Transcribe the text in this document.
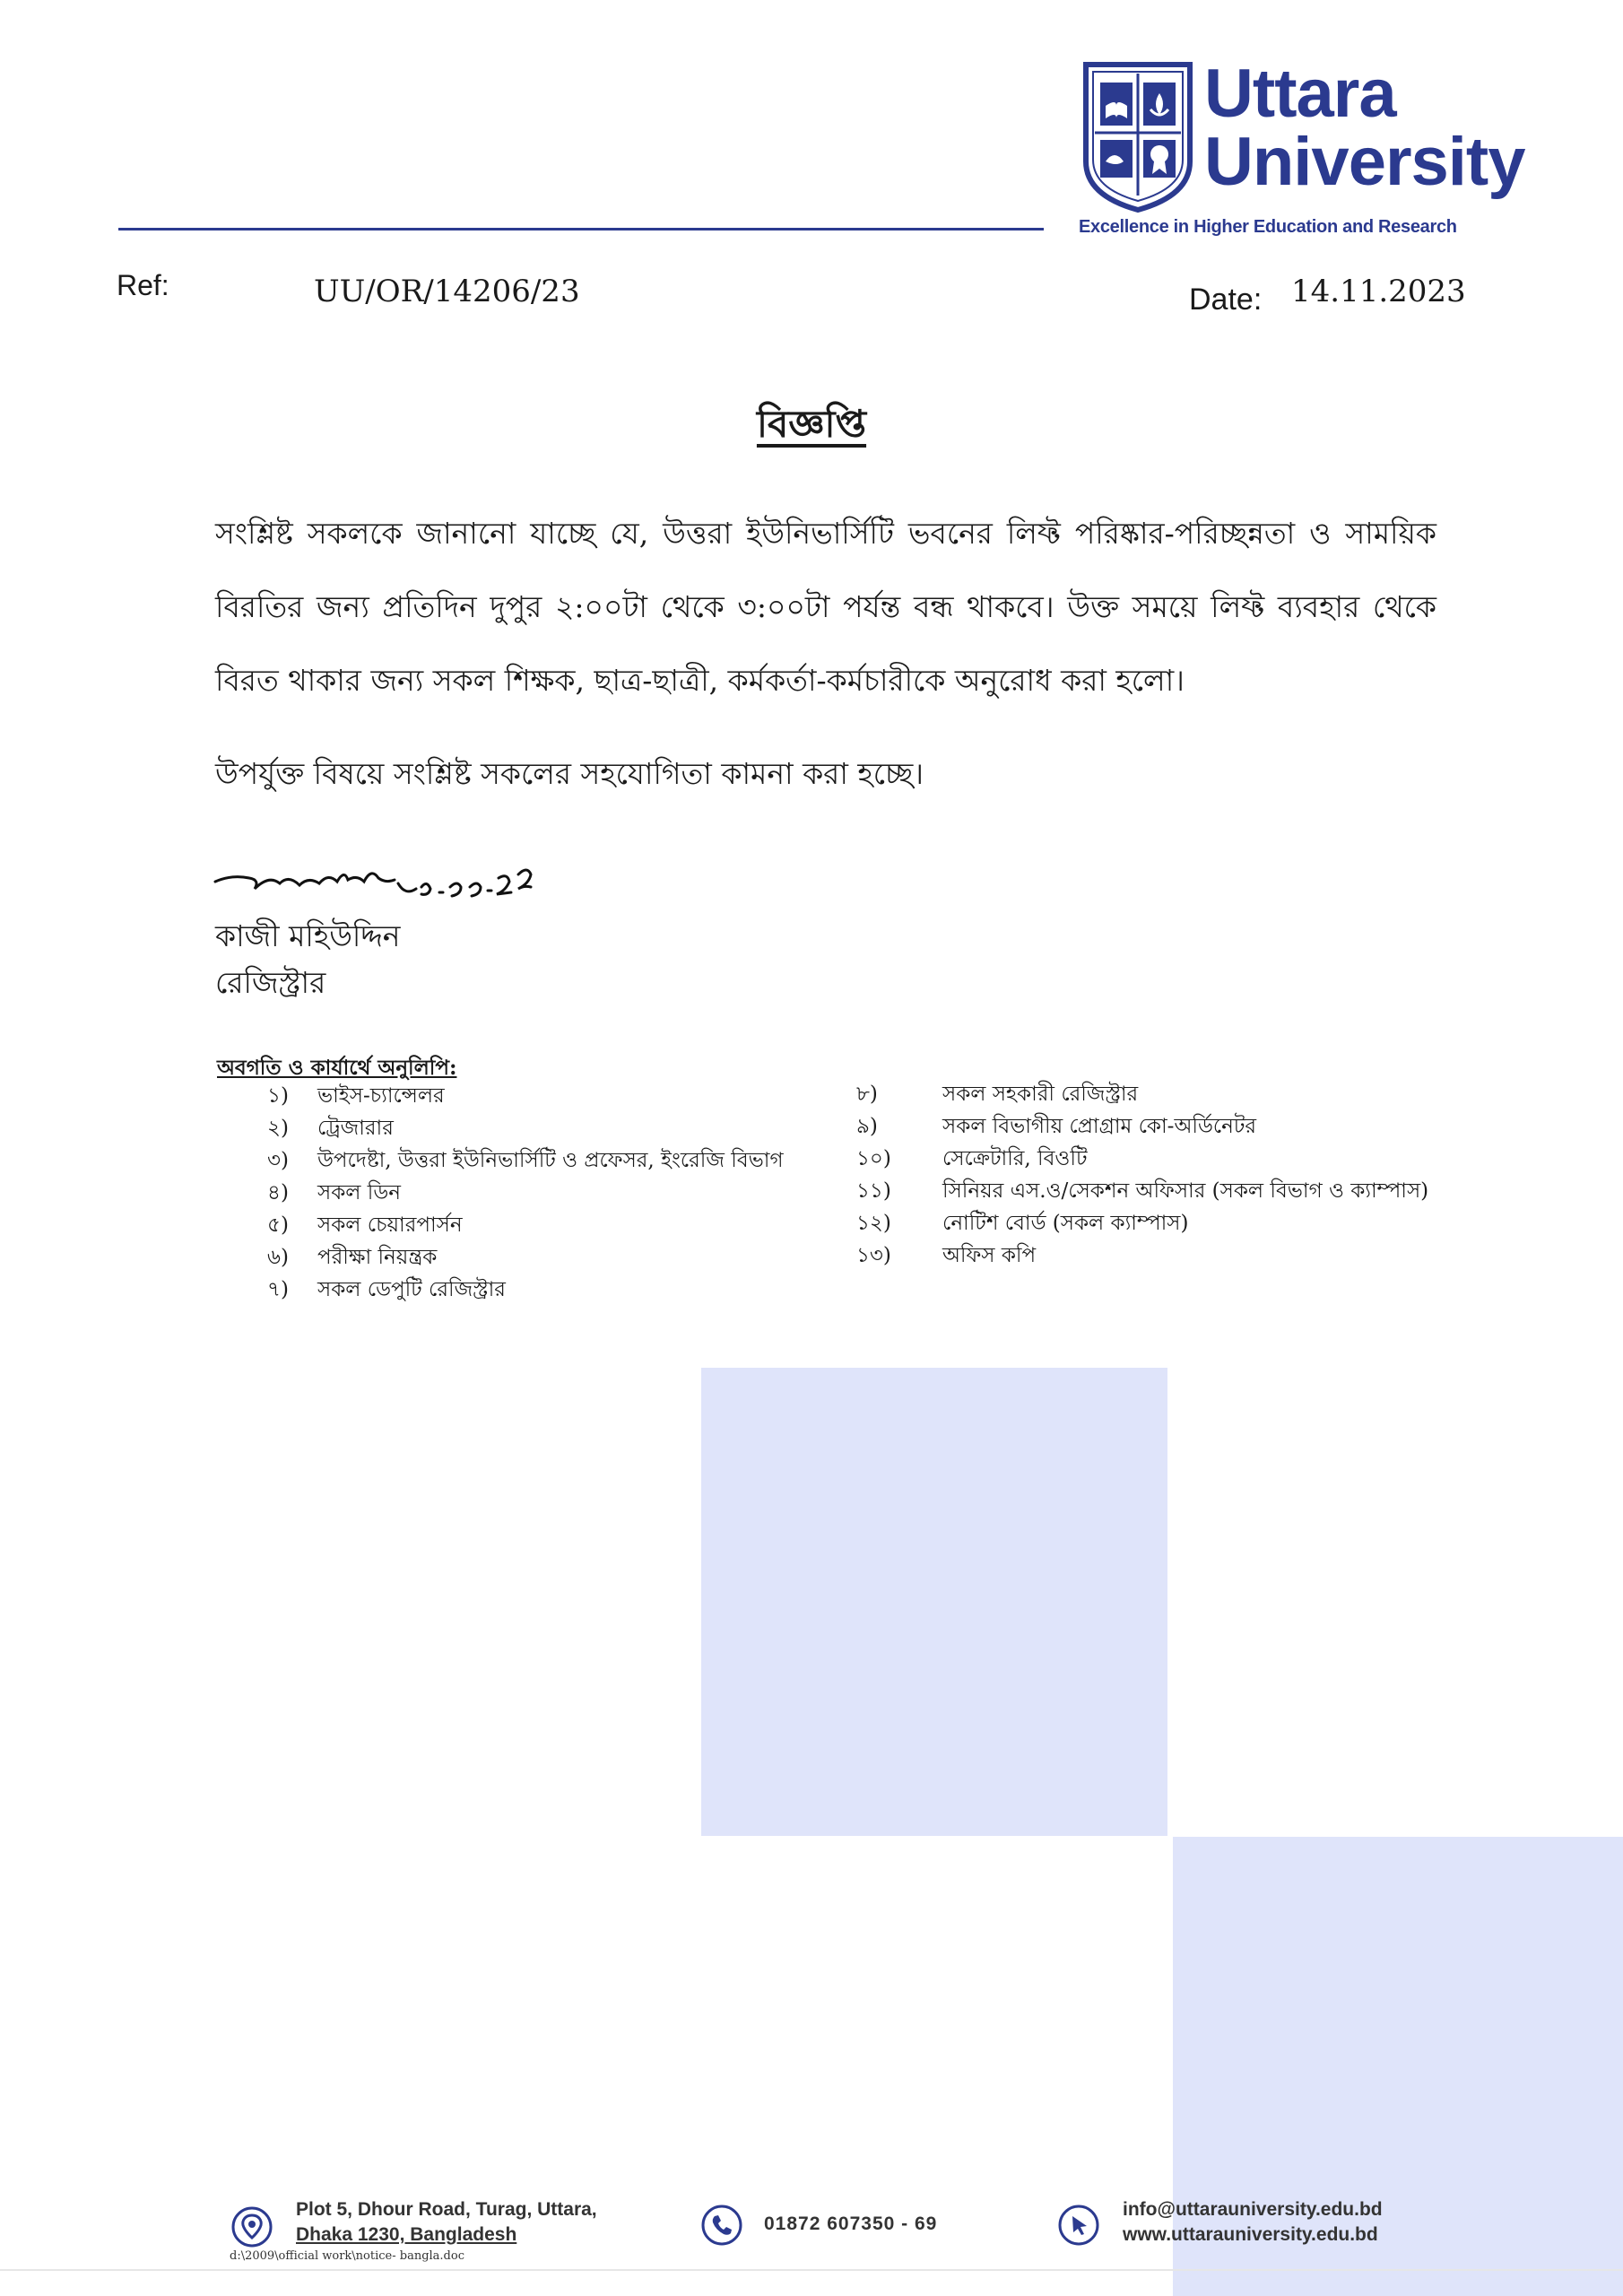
Uttara
University
Excellence in Higher Education and Research
Ref:	UU/OR/14206/23	Date: 14.11.2023
বিজ্ঞপ্তি
সংশ্লিষ্ট সকলকে জানানো যাচ্ছে যে, উত্তরা ইউনিভার্সিটি ভবনের লিফ্ট পরিষ্কার-পরিচ্ছন্নতা ও সাময়িক বিরতির জন্য প্রতিদিন দুপুর ২:০০টা থেকে ৩:০০টা পর্যন্ত বন্ধ থাকবে। উক্ত সময়ে লিফ্ট ব্যবহার থেকে বিরত থাকার জন্য সকল শিক্ষক, ছাত্র-ছাত্রী, কর্মকর্তা-কর্মচারীকে অনুরোধ করা হলো।
উপর্যুক্ত বিষয়ে সংশ্লিষ্ট সকলের সহযোগিতা কামনা করা হচ্ছে।
কাজী মহিউদ্দিন
রেজিস্ট্রার
অবগতি ও কার্যার্থে অনুলিপি:
১)	ভাইস-চ্যান্সেলর
২)	ট্রেজারার
৩)	উপদেষ্টা, উত্তরা ইউনিভার্সিটি ও প্রফেসর, ইংরেজি বিভাগ
৪)	সকল ডিন
৫)	সকল চেয়ারপার্সন
৬)	পরীক্ষা নিয়ন্ত্রক
৭)	সকল ডেপুটি রেজিস্ট্রার
৮)	সকল সহকারী রেজিস্ট্রার
৯)	সকল বিভাগীয় প্রোগ্রাম কো-অর্ডিনেটর
১০)	সেক্রেটারি, বিওটি
১১)	সিনিয়র এস.ও/সেকশন অফিসার (সকল বিভাগ ও ক্যাম্পাস)
১২)	নোটিশ বোর্ড (সকল ক্যাম্পাস)
১৩)	অফিস কপি
Plot 5, Dhour Road, Turag, Uttara,
Dhaka 1230, Bangladesh
01872 607350 - 69
info@uttarauniversity.edu.bd
www.uttarauniversity.edu.bd
d:\2009\official work\notice- bangla.doc
